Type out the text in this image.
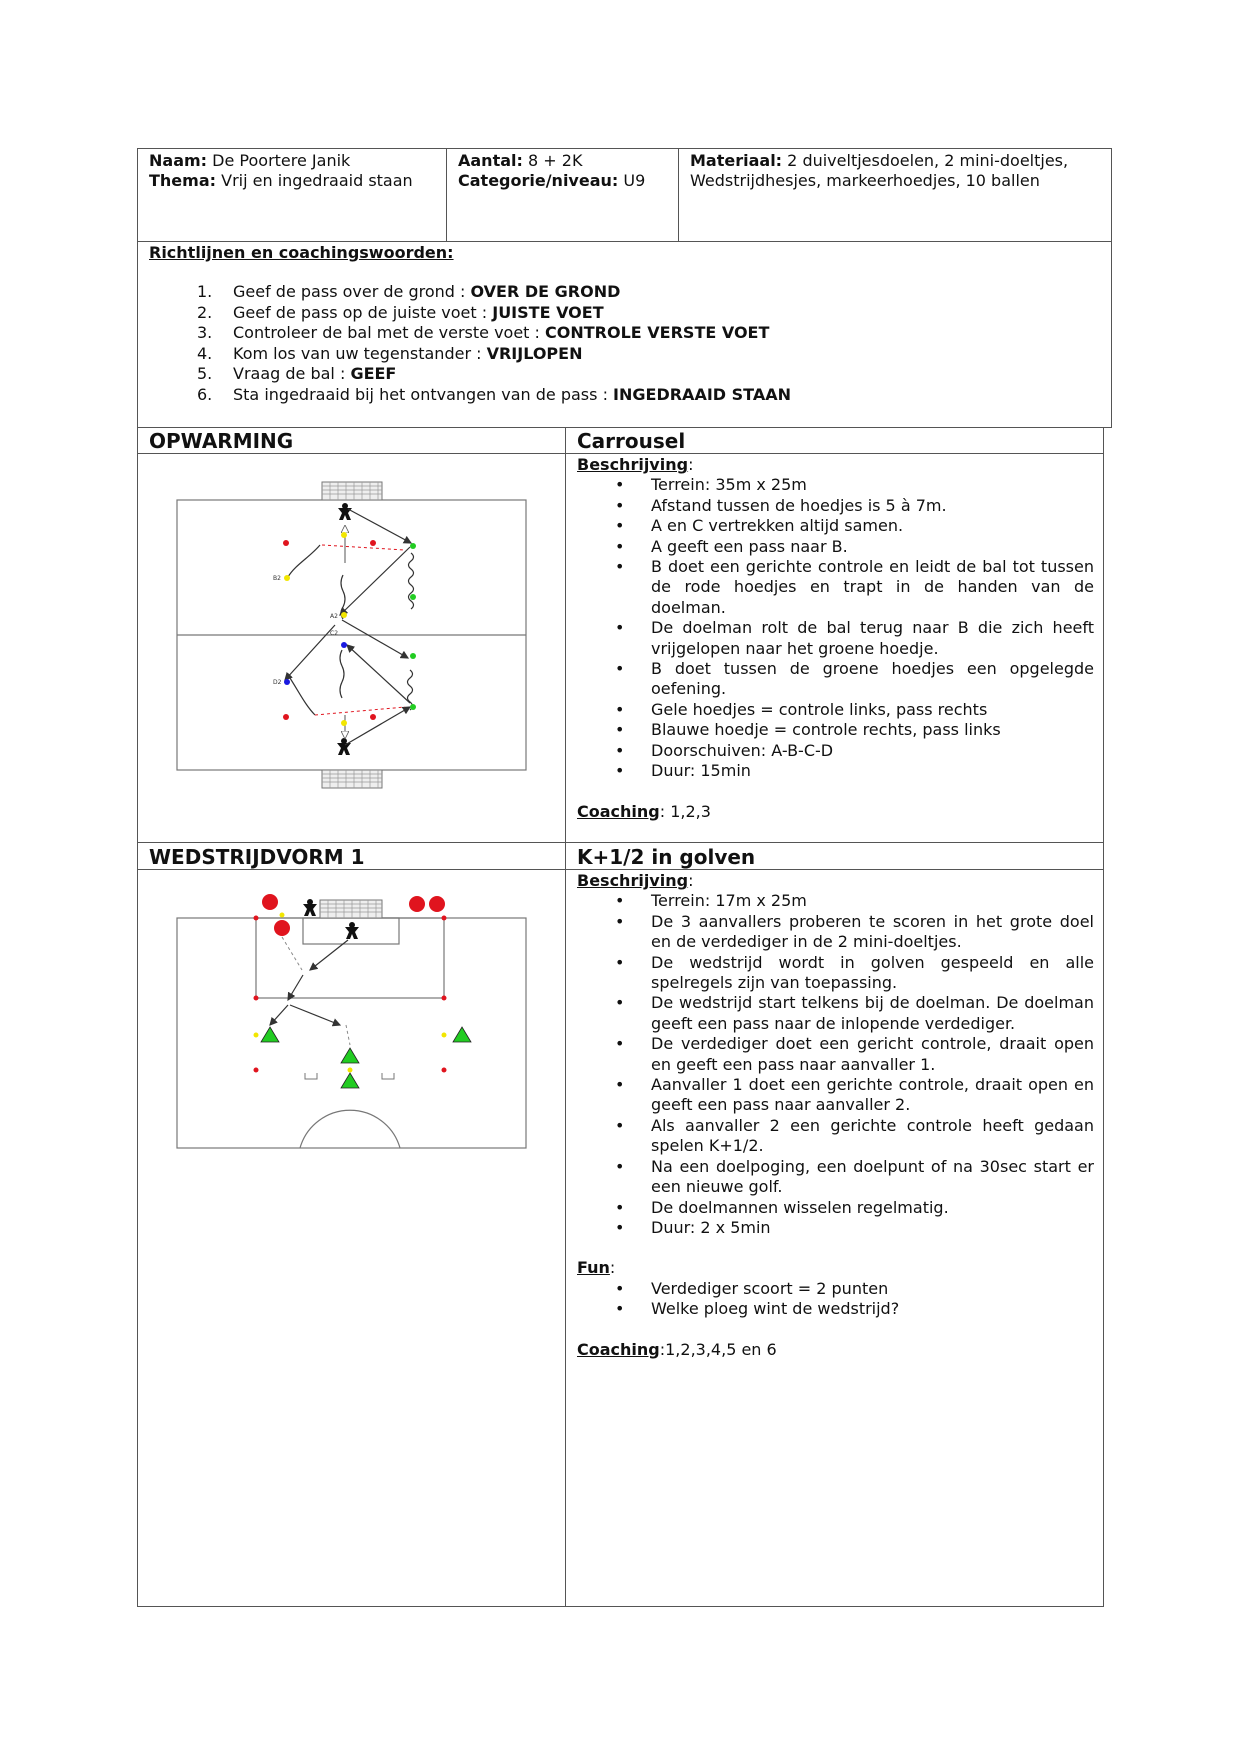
Naam: De Poortere Janik
Thema: Vrij en ingedraaid staan
Aantal: 8 + 2K
Categorie/niveau: U9
Materiaal: 2 duiveltjesdoelen, 2 mini-doeltjes, Wedstrijdhesjes, markeerhoedjes, 10 ballen
Richtlijnen en coachingswoorden:
1. Geef de pass over de grond : OVER DE GROND
2. Geef de pass op de juiste voet : JUISTE VOET
3. Controleer de bal met de verste voet : CONTROLE VERSTE VOET
4. Kom los van uw tegenstander : VRIJLOPEN
5. Vraag de bal : GEEF
6. Sta ingedraaid bij het ontvangen van de pass : INGEDRAAID STAAN
OPWARMING	Carrousel
B2
A2
C2
D2
Beschrijving:
• Terrein: 35m x 25m
• Afstand tussen de hoedjes is 5 à 7m.
• A en C vertrekken altijd samen.
• A geeft een pass naar B.
• B doet een gerichte controle en leidt de bal tot tussen de rode hoedjes en trapt in de handen van de doelman.
• De doelman rolt de bal terug naar B die zich heeft vrijgelopen naar het groene hoedje.
• B doet tussen de groene hoedjes een opgelegde oefening.
• Gele hoedjes = controle links, pass rechts
• Blauwe hoedje = controle rechts, pass links
• Doorschuiven: A-B-C-D
• Duur: 15min
Coaching: 1,2,3
WEDSTRIJDVORM 1	K+1/2 in golven
Beschrijving:
• Terrein: 17m x 25m
• De 3 aanvallers proberen te scoren in het grote doel en de verdediger in de 2 mini-doeltjes.
• De wedstrijd wordt in golven gespeeld en alle spelregels zijn van toepassing.
• De wedstrijd start telkens bij de doelman. De doelman geeft een pass naar de inlopende verdediger.
• De verdediger doet een gericht controle, draait open en geeft een pass naar aanvaller 1.
• Aanvaller 1 doet een gerichte controle, draait open en geeft een pass naar aanvaller 2.
• Als aanvaller 2 een gerichte controle heeft gedaan spelen K+1/2.
• Na een doelpoging, een doelpunt of na 30sec start er een nieuwe golf.
• De doelmannen wisselen regelmatig.
• Duur: 2 x 5min
Fun:
• Verdediger scoort = 2 punten
• Welke ploeg wint de wedstrijd?
Coaching:1,2,3,4,5 en 6
